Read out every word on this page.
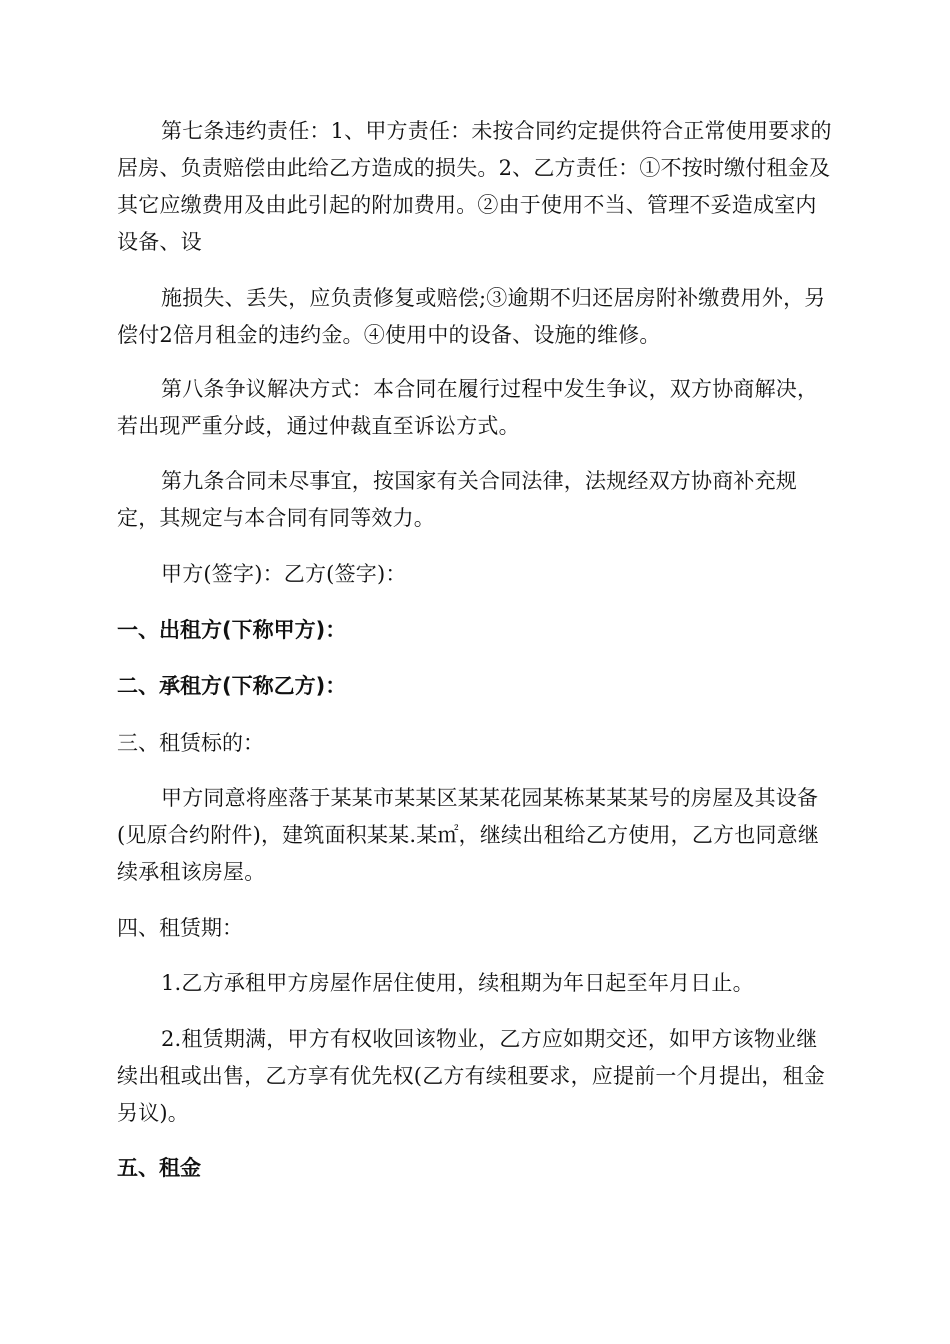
第七条违约责任：1、甲方责任：未按合同约定提供符合正常使用要求的居房、负责赔偿由此给乙方造成的损失。2、乙方责任：①不按时缴付租金及其它应缴费用及由此引起的附加费用。②由于使用不当、管理不妥造成室内设备、设

施损失、丢失，应负责修复或赔偿;③逾期不归还居房附补缴费用外，另偿付2倍月租金的违约金。④使用中的设备、设施的维修。

第八条争议解决方式：本合同在履行过程中发生争议，双方协商解决，若出现严重分歧，通过仲裁直至诉讼方式。

第九条合同未尽事宜，按国家有关合同法律，法规经双方协商补充规定，其规定与本合同有同等效力。

甲方(签字)：乙方(签字)：

一、出租方(下称甲方)：

二、承租方(下称乙方)：

三、租赁标的：

甲方同意将座落于某某市某某区某某花园某栋某某某号的房屋及其设备(见原合约附件)，建筑面积某某.某㎡，继续出租给乙方使用，乙方也同意继续承租该房屋。

四、租赁期：

1.乙方承租甲方房屋作居住使用，续租期为年日起至年月日止。

2.租赁期满，甲方有权收回该物业，乙方应如期交还，如甲方该物业继续出租或出售，乙方享有优先权(乙方有续租要求，应提前一个月提出，租金另议)。

五、租金
